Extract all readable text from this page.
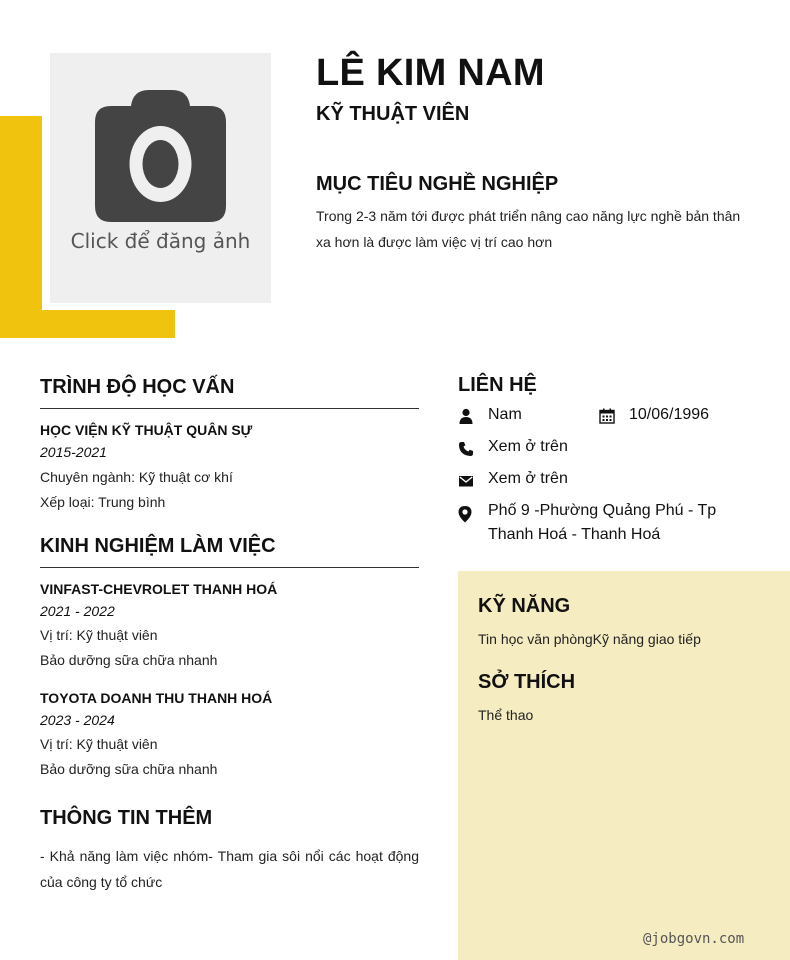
Click để đăng ảnh
LÊ KIM NAM
KỸ THUẬT VIÊN
MỤC TIÊU NGHỀ NGHIỆP
Trong 2-3 năm tới được phát triển nâng cao năng lực nghề bản thân xa hơn là được làm việc vị trí cao hơn
TRÌNH ĐỘ HỌC VẤN
HỌC VIỆN KỸ THUẬT QUÂN SỰ
2015-2021
Chuyên ngành: Kỹ thuật cơ khí
Xếp loại: Trung bình
KINH NGHIỆM LÀM VIỆC
VINFAST-CHEVROLET THANH HOÁ
2021 - 2022
Vị trí: Kỹ thuật viên
Bảo dưỡng sữa chữa nhanh
TOYOTA DOANH THU THANH HOÁ
2023 - 2024
Vị trí: Kỹ thuật viên
Bảo dưỡng sữa chữa nhanh
THÔNG TIN THÊM
- Khả năng làm việc nhóm- Tham gia sôi nổi các hoạt động của công ty tổ chức
LIÊN HỆ
Nam	10/06/1996
Xem ở trên
Xem ở trên
Phố 9 -Phường Quảng Phú - Tp Thanh Hoá - Thanh Hoá
KỸ NĂNG
Tin học văn phòngKỹ năng giao tiếp
SỞ THÍCH
Thể thao
@jobgovn.com
